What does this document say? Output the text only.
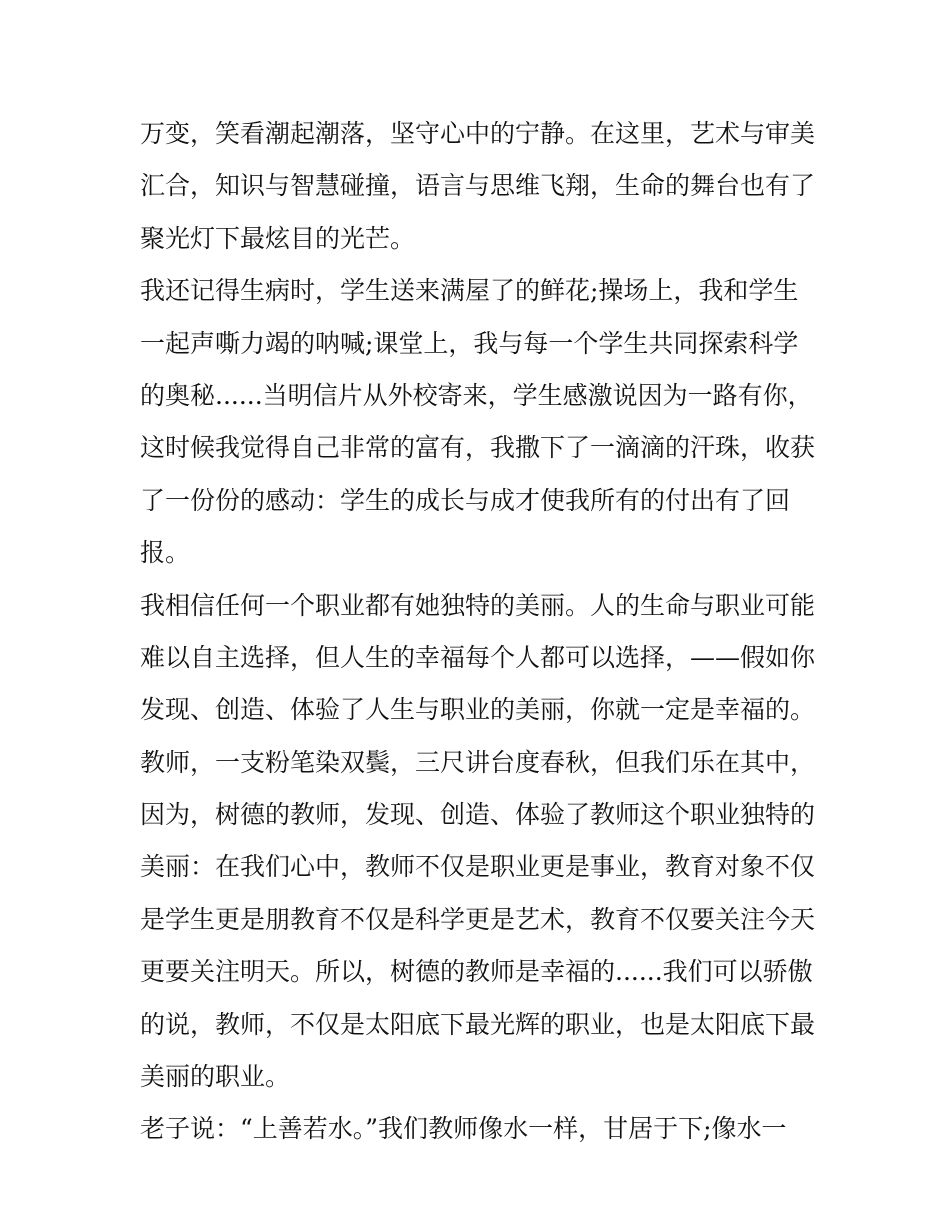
万变，笑看潮起潮落，坚守心中的宁静。在这里，艺术与审美
汇合，知识与智慧碰撞，语言与思维飞翔，生命的舞台也有了
聚光灯下最炫目的光芒。
我还记得生病时，学生送来满屋了的鲜花;操场上，我和学生
一起声嘶力竭的呐喊;课堂上，我与每一个学生共同探索科学
的奥秘......当明信片从外校寄来，学生感激说因为一路有你，
这时候我觉得自己非常的富有，我撒下了一滴滴的汗珠，收获
了一份份的感动：学生的成长与成才使我所有的付出有了回
报。
我相信任何一个职业都有她独特的美丽。人的生命与职业可能
难以自主选择，但人生的幸福每个人都可以选择，——假如你
发现、创造、体验了人生与职业的美丽，你就一定是幸福的。
教师，一支粉笔染双鬓，三尺讲台度春秋，但我们乐在其中，
因为，树德的教师，发现、创造、体验了教师这个职业独特的
美丽：在我们心中，教师不仅是职业更是事业，教育对象不仅
是学生更是朋教育不仅是科学更是艺术，教育不仅要关注今天
更要关注明天。所以，树德的教师是幸福的......我们可以骄傲
的说，教师，不仅是太阳底下最光辉的职业，也是太阳底下最
美丽的职业。
老子说：“上善若水。”我们教师像水一样，甘居于下;像水一
